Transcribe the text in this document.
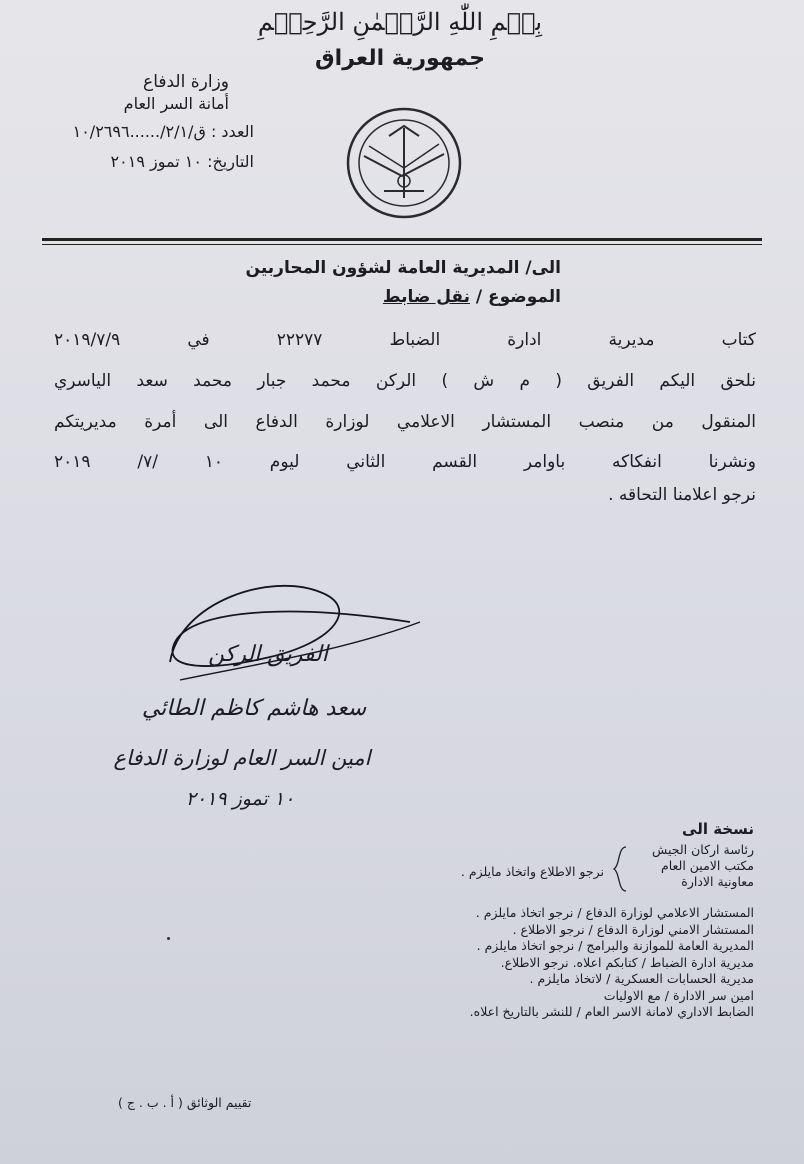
بِسۡمِ اللّٰهِ الرَّحۡمٰنِ الرَّحِيۡمِ
جمهورية العراق
وزارة الدفاع
أمانة السر العام
العدد : ق/٢/١/......١٠/٢٦٩٦
التاريخ: ١٠ تموز ٢٠١٩
الى/ المديرية العامة لشؤون المحاربين
الموضوع / نقل ضابط
كتاب مديرية ادارة الضباط ٢٢٢٧٧ في ٢٠١٩/٧/٩
نلحق اليكم الفريق ( م ش ) الركن محمد جبار محمد سعد الياسري
المنقول من منصب المستشار الاعلامي لوزارة الدفاع الى أمرة مديريتكم
ونشرنا انفكاكه باوامر القسم الثاني ليوم ١٠ /٧/ ٢٠١٩
نرجو اعلامنا التحاقه .
الفريق الركن
سعد هاشم كاظم الطائي
امين السر العام لوزارة الدفاع
١٠ تموز ٢٠١٩
نسخة الى
رئاسة اركان الجيش
مكتب الامين العام
معاونية الادارة
نرجو الاطلاع واتخاذ مايلزم .
المستشار الاعلامي لوزارة الدفاع / نرجو اتخاذ مايلزم .
المستشار الامني لوزارة الدفاع / نرجو الاطلاع .
المديرية العامة للموازنة والبرامج / نرجو اتخاذ مايلزم .
مديرية ادارة الضباط / كتابكم اعلاه. نرجو الاطلاع.
مديرية الحسابات العسكرية / لاتخاذ مايلزم .
امين سر الادارة / مع الاوليات
الضابط الاداري لامانة الاسر العام / للنشر بالتاريخ اعلاه.
تقييم الوثائق ( أ . ب . ج )
